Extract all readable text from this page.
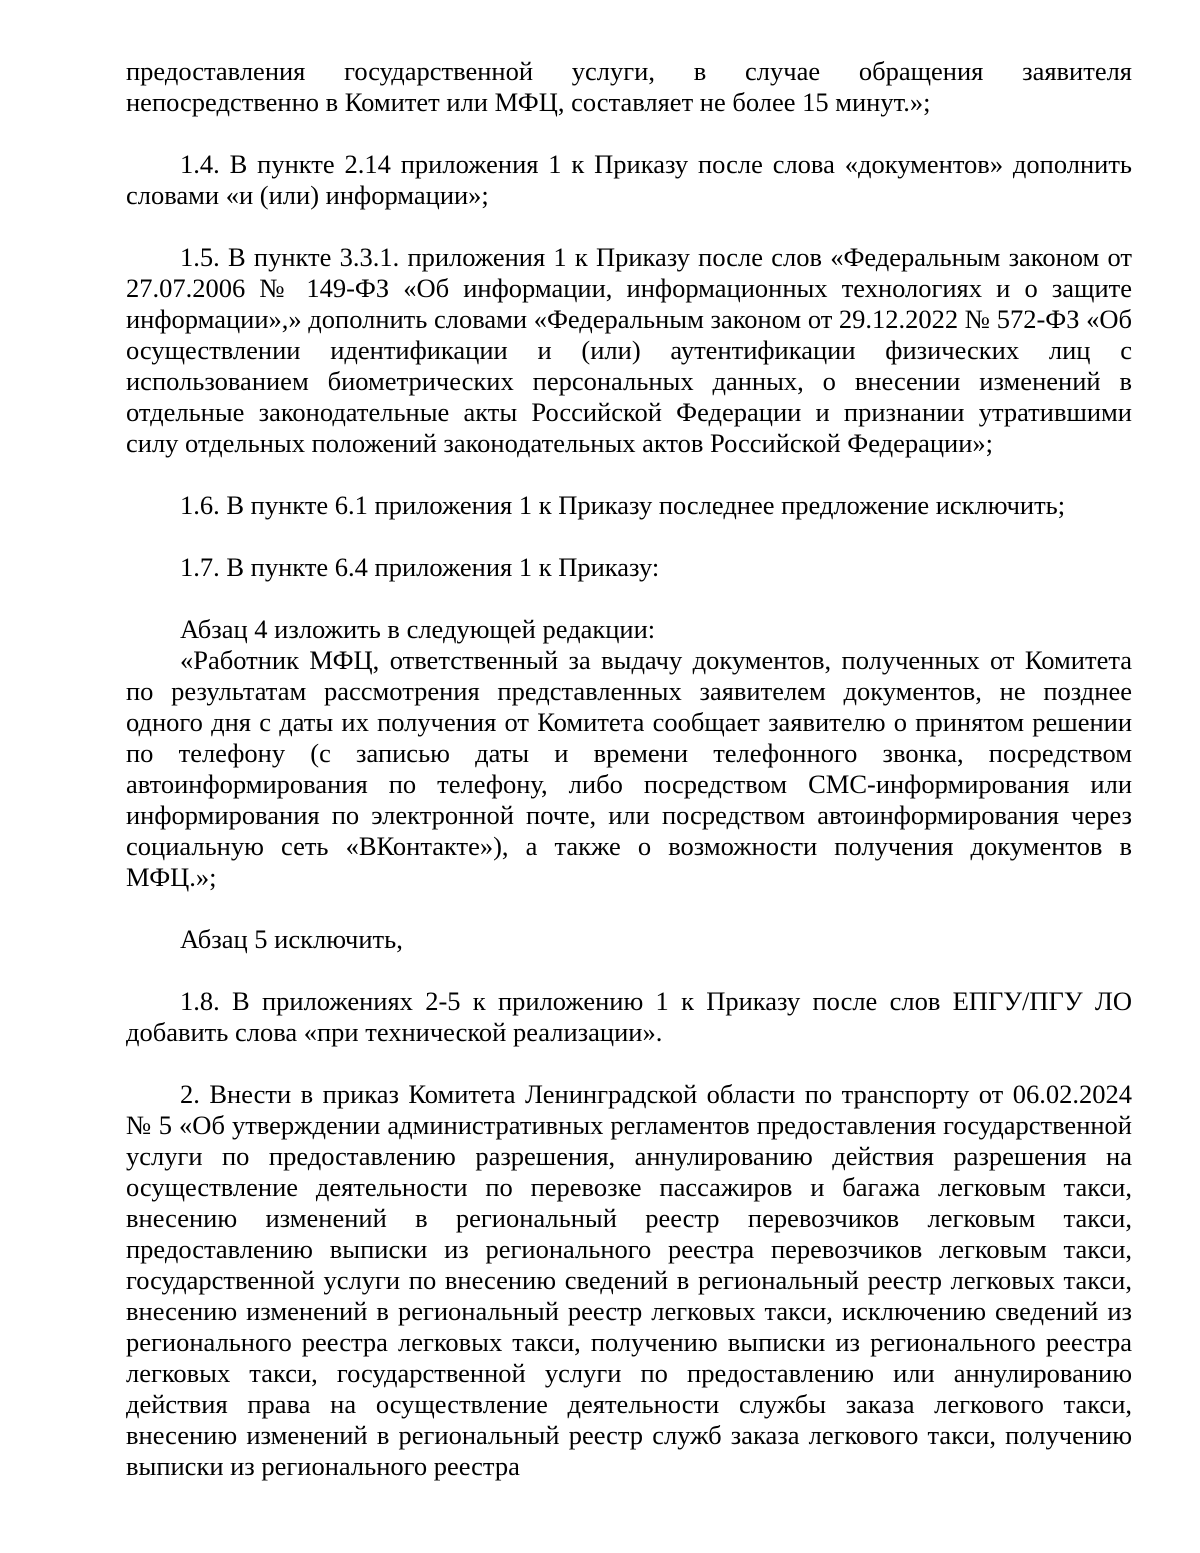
предоставления государственной услуги, в случае обращения заявителя непосредственно в Комитет или МФЦ, составляет не более 15 минут.»;

1.4. В пункте 2.14 приложения 1 к Приказу после слова «документов» дополнить словами «и (или) информации»;

1.5. В пункте 3.3.1. приложения 1 к Приказу после слов «Федеральным законом от 27.07.2006 № 149-ФЗ «Об информации, информационных технологиях и о защите информации»,» дополнить словами «Федеральным законом от 29.12.2022 № 572-ФЗ «Об осуществлении идентификации и (или) аутентификации физических лиц с использованием биометрических персональных данных, о внесении изменений в отдельные законодательные акты Российской Федерации и признании утратившими силу отдельных положений законодательных актов Российской Федерации»;

1.6. В пункте 6.1 приложения 1 к Приказу последнее предложение исключить;

1.7. В пункте 6.4 приложения 1 к Приказу:

Абзац 4 изложить в следующей редакции:

«Работник МФЦ, ответственный за выдачу документов, полученных от Комитета по результатам рассмотрения представленных заявителем документов, не позднее одного дня с даты их получения от Комитета сообщает заявителю о принятом решении по телефону (с записью даты и времени телефонного звонка, посредством автоинформирования по телефону, либо посредством СМС-информирования или информирования по электронной почте, или посредством автоинформирования через социальную сеть «ВКонтакте»), а также о возможности получения документов в МФЦ.»;

Абзац 5 исключить,

1.8. В приложениях 2-5 к приложению 1 к Приказу после слов ЕПГУ/ПГУ ЛО добавить слова «при технической реализации».

2. Внести в приказ Комитета Ленинградской области по транспорту от 06.02.2024 № 5 «Об утверждении административных регламентов предоставления государственной услуги по предоставлению разрешения, аннулированию действия разрешения на осуществление деятельности по перевозке пассажиров и багажа легковым такси, внесению изменений в региональный реестр перевозчиков легковым такси, предоставлению выписки из регионального реестра перевозчиков легковым такси, государственной услуги по внесению сведений в региональный реестр легковых такси, внесению изменений в региональный реестр легковых такси, исключению сведений из регионального реестра легковых такси, получению выписки из регионального реестра легковых такси, государственной услуги по предоставлению или аннулированию действия права на осуществление деятельности службы заказа легкового такси, внесению изменений в региональный реестр служб заказа легкового такси, получению выписки из регионального реестра
